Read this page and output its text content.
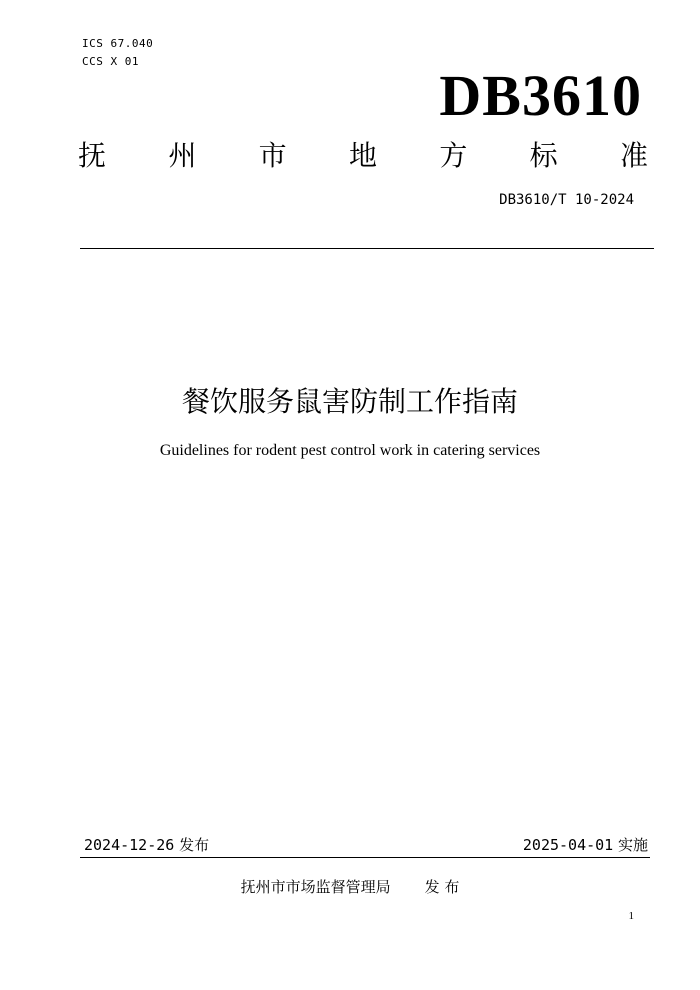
ICS 67.040
CCS X 01
DB3610
抚 州 市 地 方 标 准
DB3610/T 10-2024
餐饮服务鼠害防制工作指南
Guidelines for rodent pest control work in catering services
2024-12-26 发布	2025-04-01 实施
抚州市市场监督管理局 发 布
1
